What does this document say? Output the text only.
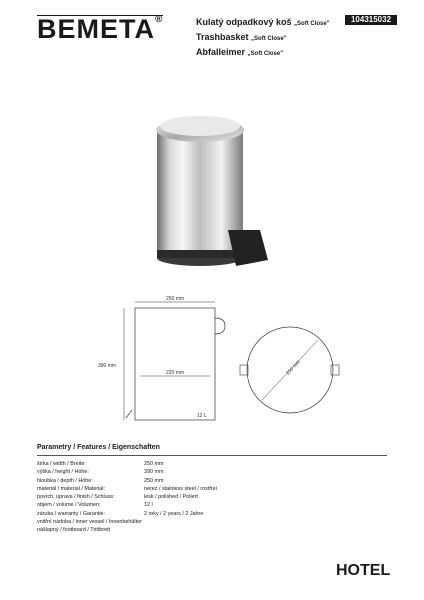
BEMETA®	Kulatý odpadkový koš „Soft Close"
Trashbasket „Soft Close"
Abfalleimer „Soft Close"
104315032
250 mm
390 mm
220 mm
12 L
250 mm
Parametry / Features / Eigenschaften
šírka / width / Breite:	250 mm
výška / height / Höhe:	390 mm
hloubka / depth / Höhe:	250 mm
materiál / material / Material:	nerez / stainless steel / rostfrei
povrch. úprava / finish / Schluss:	lesk / polished / Poliert
objem / volume / Volumen:	12 l
záruka / warranty / Garantie:	2 roky / 2 years / 2 Jahre
vnitřní nádoba / inner vessel / Innenbehälter
nášlapný / footboard / Trittbrett
HOTEL
